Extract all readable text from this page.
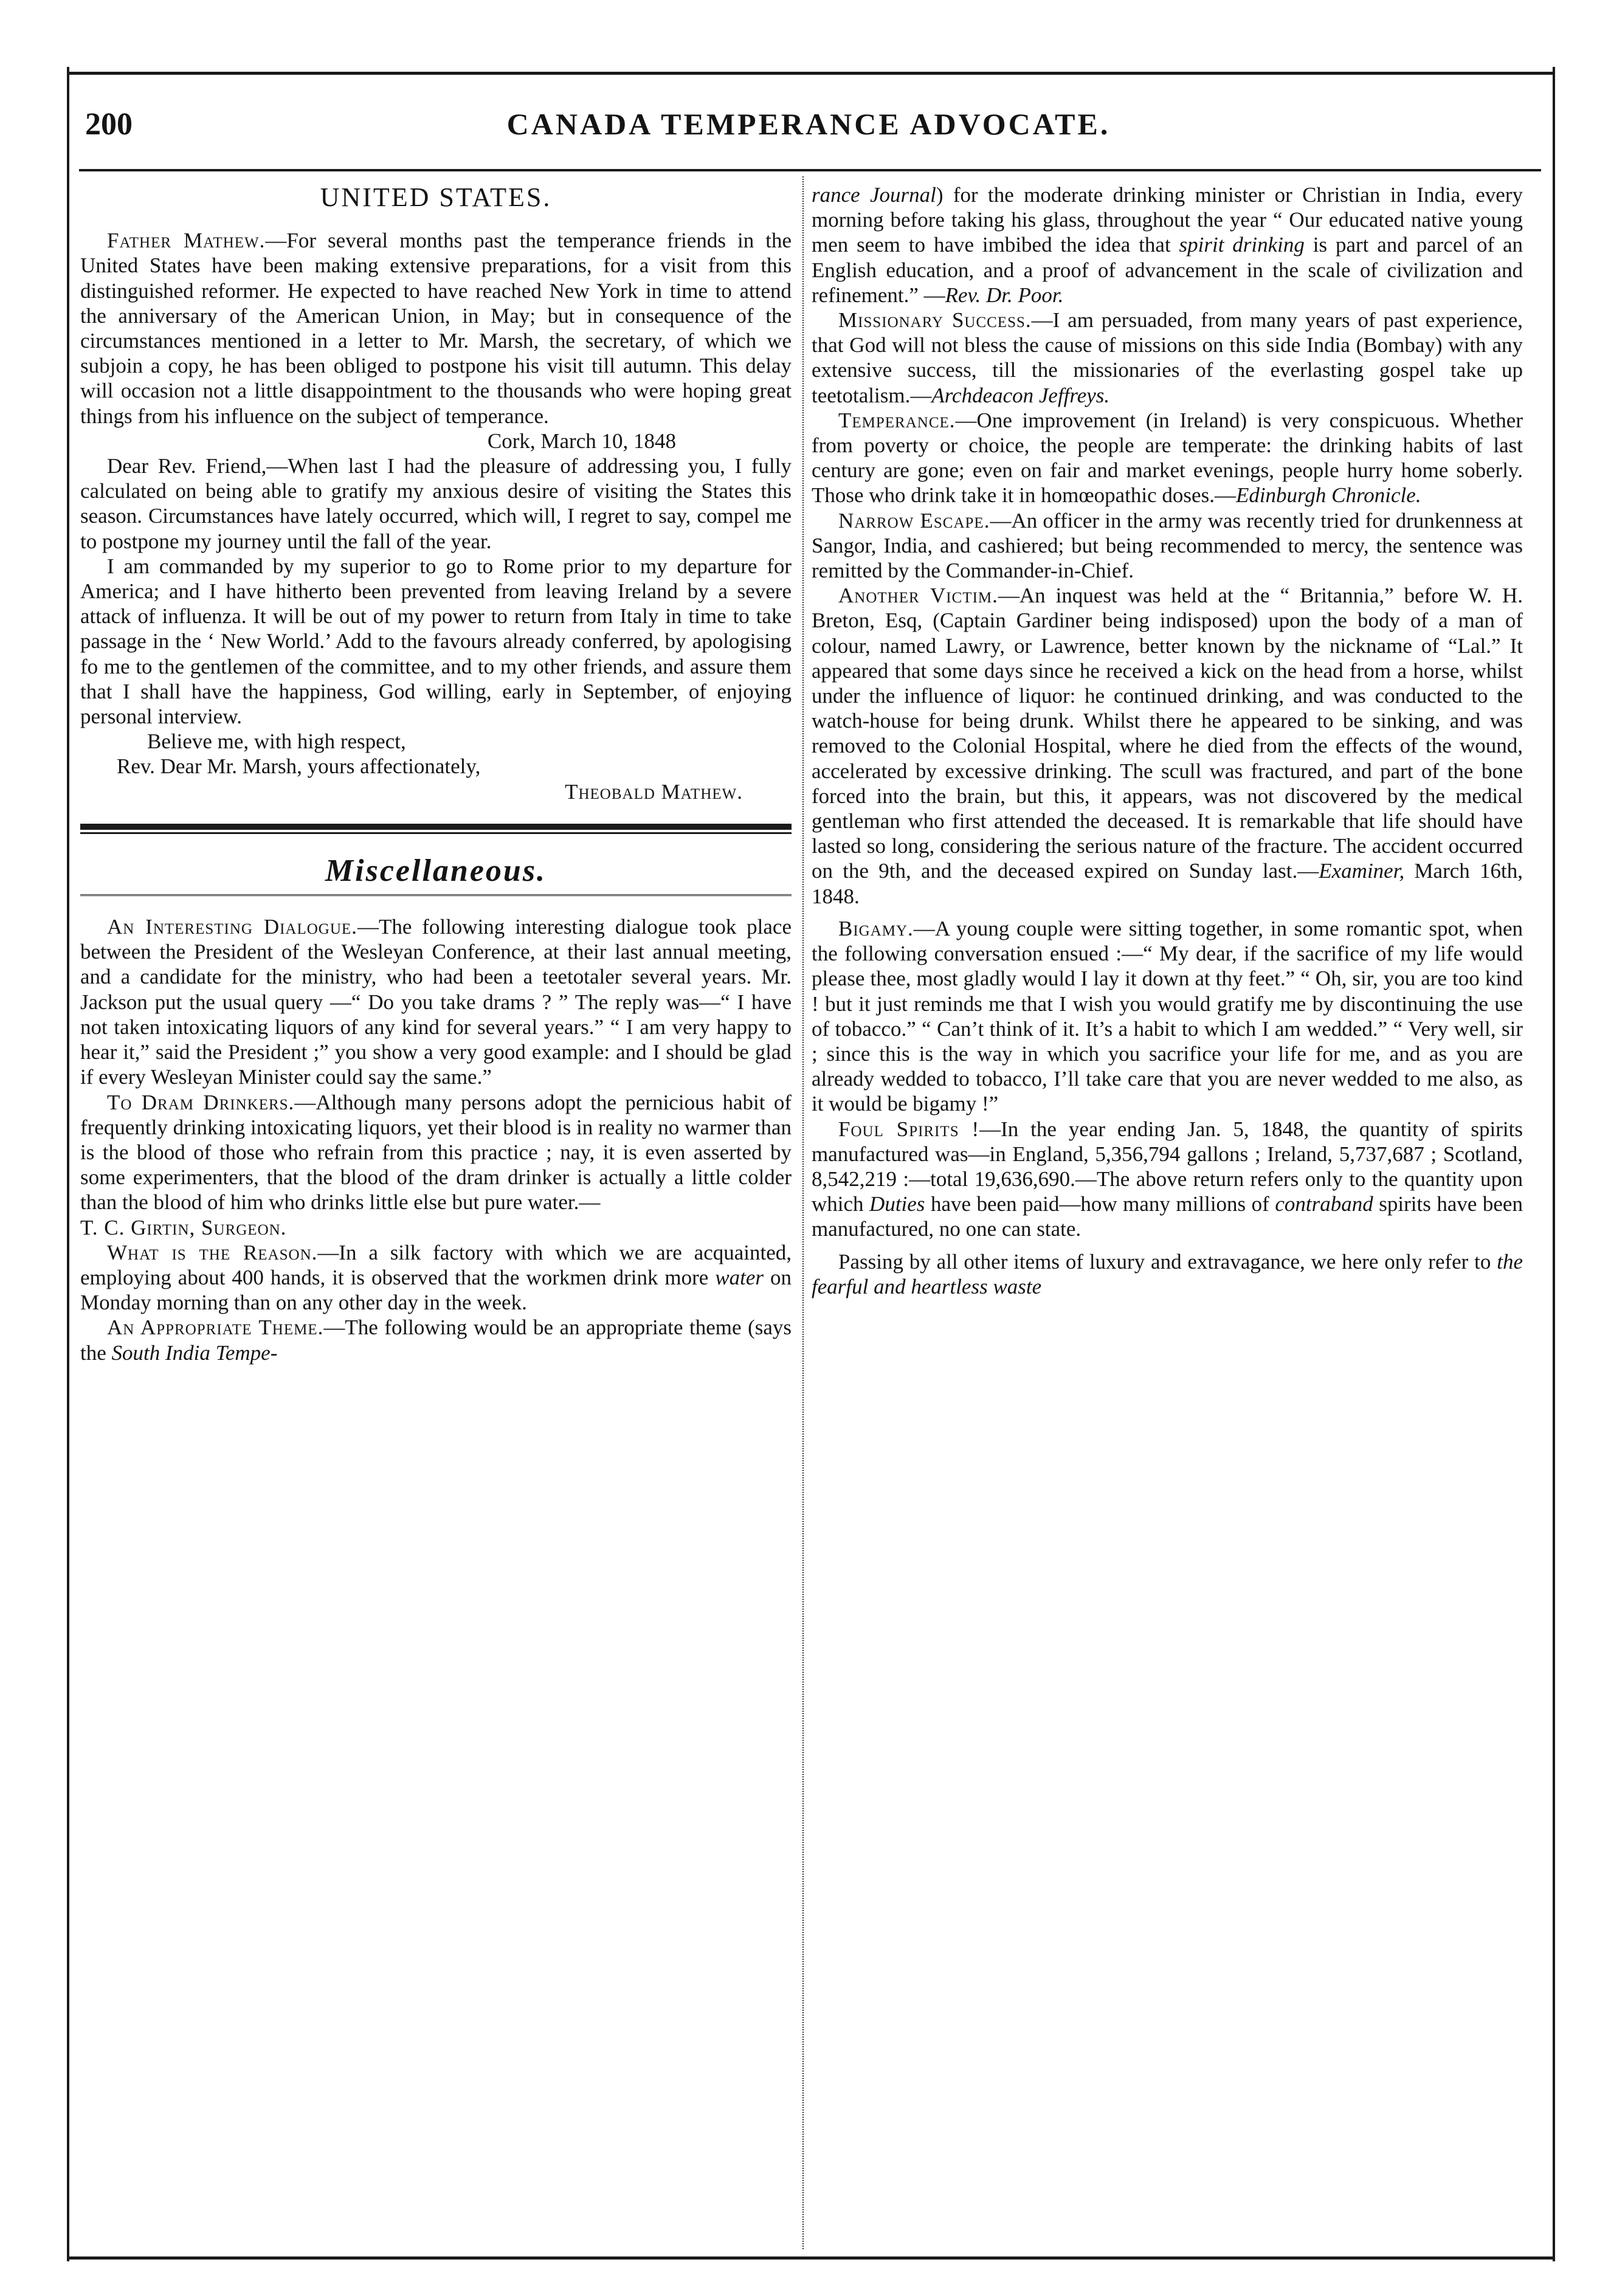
200	CANADA TEMPERANCE ADVOCATE.
UNITED STATES.

Father Mathew.—For several months past the temperance friends in the United States have been making extensive preparations, for a visit from this distinguished reformer. He expected to have reached New York in time to attend the anniversary of the American Union, in May; but in consequence of the circumstances mentioned in a letter to Mr. Marsh, the secretary, of which we subjoin a copy, he has been obliged to postpone his visit till autumn. This delay will occasion not a little disappointment to the thousands who were hoping great things from his influence on the subject of temperance.

Cork, March 10, 1848

Dear Rev. Friend,—When last I had the pleasure of addressing you, I fully calculated on being able to gratify my anxious desire of visiting the States this season. Circumstances have lately occurred, which will, I regret to say, compel me to postpone my journey until the fall of the year.

I am commanded by my superior to go to Rome prior to my departure for America; and I have hitherto been prevented from leaving Ireland by a severe attack of influenza. It will be out of my power to return from Italy in time to take passage in the ‘ New World.’ Add to the favours already conferred, by apologising fo me to the gentlemen of the committee, and to my other friends, and assure them that I shall have the happiness, God willing, early in September, of enjoying personal interview.

Believe me, with high respect,

Rev. Dear Mr. Marsh, yours affectionately,

Theobald Mathew.

Miscellaneous.

An Interesting Dialogue.—The following interesting dialogue took place between the President of the Wesleyan Conference, at their last annual meeting, and a candidate for the ministry, who had been a teetotaler several years. Mr. Jackson put the usual query —“ Do you take drams ? ” The reply was—“ I have not taken intoxicating liquors of any kind for several years.” “ I am very happy to hear it,” said the President ;” you show a very good example: and I should be glad if every Wesleyan Minister could say the same.”

To Dram Drinkers.—Although many persons adopt the pernicious habit of frequently drinking intoxicating liquors, yet their blood is in reality no warmer than is the blood of those who refrain from this practice ; nay, it is even asserted by some experimenters, that the blood of the dram drinker is actually a little colder than the blood of him who drinks little else but pure water.—

T. C. Girtin, Surgeon.

What is the Reason.—In a silk factory with which we are acquainted, employing about 400 hands, it is observed that the workmen drink more water on Monday morning than on any other day in the week.

An Appropriate Theme.—The following would be an appropriate theme (says the South India Tempe-

rance Journal) for the moderate drinking minister or Christian in India, every morning before taking his glass, throughout the year “ Our educated native young men seem to have imbibed the idea that spirit drinking is part and parcel of an English education, and a proof of advancement in the scale of civilization and refinement.” —Rev. Dr. Poor.

Missionary Success.—I am persuaded, from many years of past experience, that God will not bless the cause of missions on this side India (Bombay) with any extensive success, till the missionaries of the everlasting gospel take up teetotalism.—Archdeacon Jeffreys.

Temperance.—One improvement (in Ireland) is very conspicuous. Whether from poverty or choice, the people are temperate: the drinking habits of last century are gone; even on fair and market evenings, people hurry home soberly. Those who drink take it in homœopathic doses.—Edinburgh Chronicle.

Narrow Escape.—An officer in the army was recently tried for drunkenness at Sangor, India, and cashiered; but being recommended to mercy, the sentence was remitted by the Commander-in-Chief.

Another Victim.—An inquest was held at the “ Britannia,” before W. H. Breton, Esq, (Captain Gardiner being indisposed) upon the body of a man of colour, named Lawry, or Lawrence, better known by the nickname of “Lal.” It appeared that some days since he received a kick on the head from a horse, whilst under the influence of liquor: he continued drinking, and was conducted to the watch-house for being drunk. Whilst there he appeared to be sinking, and was removed to the Colonial Hospital, where he died from the effects of the wound, accelerated by excessive drinking. The scull was fractured, and part of the bone forced into the brain, but this, it appears, was not discovered by the medical gentleman who first attended the deceased. It is remarkable that life should have lasted so long, considering the serious nature of the fracture. The accident occurred on the 9th, and the deceased expired on Sunday last.—Examiner, March 16th, 1848.

Bigamy.—A young couple were sitting together, in some romantic spot, when the following conversation ensued :—“ My dear, if the sacrifice of my life would please thee, most gladly would I lay it down at thy feet.” “ Oh, sir, you are too kind ! but it just reminds me that I wish you would gratify me by discontinuing the use of tobacco.” “ Can’t think of it. It’s a habit to which I am wedded.” “ Very well, sir ; since this is the way in which you sacrifice your life for me, and as you are already wedded to tobacco, I’ll take care that you are never wedded to me also, as it would be bigamy !”

Foul Spirits !—In the year ending Jan. 5, 1848, the quantity of spirits manufactured was—in England, 5,356,794 gallons ; Ireland, 5,737,687 ; Scotland, 8,542,219 :—total 19,636,690.—The above return refers only to the quantity upon which Duties have been paid—how many millions of contraband spirits have been manufactured, no one can state.

Passing by all other items of luxury and extravagance, we here only refer to the fearful and heartless waste
